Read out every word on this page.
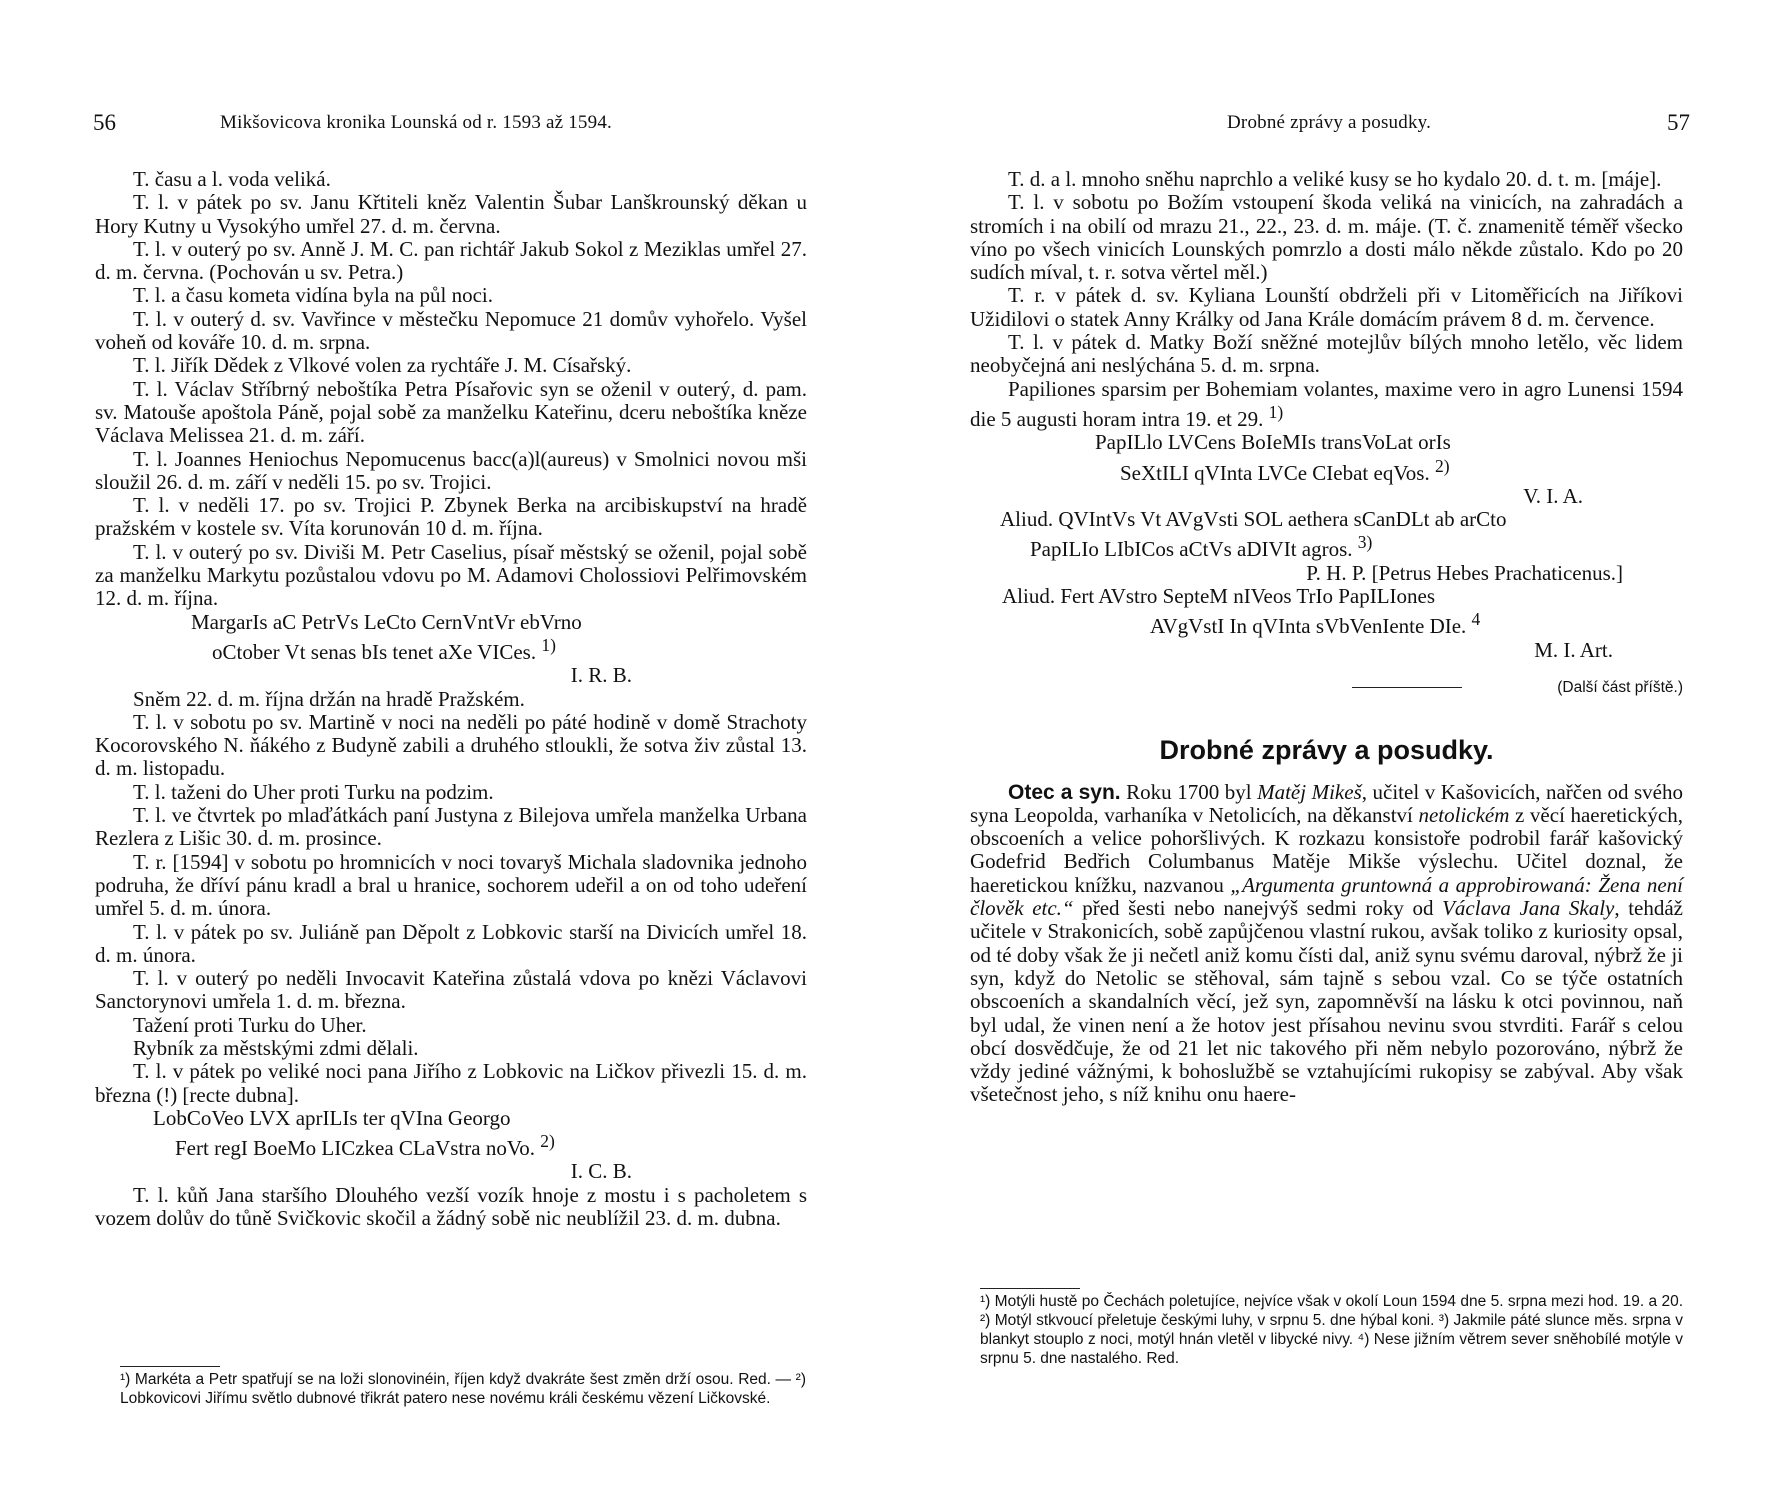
56	Mikšovicova kronika Lounská od r. 1593 až 1594.

T. času a l. voda veliká.

T. l. v pátek po sv. Janu Křtiteli kněz Valentin Šubar Lanškrounský děkan u Hory Kutny u Vysokýho umřel 27. d. m. června.

T. l. v outerý po sv. Anně J. M. C. pan richtář Jakub Sokol z Meziklas umřel 27. d. m. června. (Pochován u sv. Petra.)

T. l. a času kometa vidína byla na půl noci.

T. l. v outerý d. sv. Vavřince v městečku Nepomuce 21 domův vyhořelo. Vyšel voheň od kováře 10. d. m. srpna.

T. l. Jiřík Dědek z Vlkové volen za rychtáře J. M. Císařský.

T. l. Václav Stříbrný neboštíka Petra Písařovic syn se oženil v outerý, d. pam. sv. Matouše apoštola Páně, pojal sobě za manželku Kateřinu, dceru neboštíka kněze Václava Melissea 21. d. m. září.

T. l. Joannes Heniochus Nepomucenus bacc(a)l(aureus) v Smolnici novou mši sloužil 26. d. m. září v neděli 15. po sv. Trojici.

T. l. v neděli 17. po sv. Trojici P. Zbynek Berka na arcibiskupství na hradě pražském v kostele sv. Víta korunován 10 d. m. října.

T. l. v outerý po sv. Diviši M. Petr Caselius, písař městský se oženil, pojal sobě za manželku Markytu pozůstalou vdovu po M. Adamovi Cholossiovi Pelřimovském 12. d. m. října.

MargarIs aC PetrVs LeCto CernVntVr ebVrno

oCtober Vt senas bIs tenet aXe VICes. $^{1)}$

I. R. B.

Sněm 22. d. m. října držán na hradě Pražském.

T. l. v sobotu po sv. Martině v noci na neděli po páté hodině v domě Strachoty Kocorovského N. ňákého z Budyně zabili a druhého stloukli, že sotva živ zůstal 13. d. m. listopadu.

T. l. taženi do Uher proti Turku na podzim.

T. l. ve čtvrtek po mlaďátkách paní Justyna z Bilejova umřela manželka Urbana Rezlera z Lišic 30. d. m. prosince.

T. r. [1594] v sobotu po hromnicích v noci tovaryš Michala sladovnika jednoho podruha, že dříví pánu kradl a bral u hranice, sochorem udeřil a on od toho udeření umřel 5. d. m. února.

T. l. v pátek po sv. Juliáně pan Děpolt z Lobkovic starší na Divicích umřel 18. d. m. února.

T. l. v outerý po neděli Invocavit Kateřina zůstalá vdova po knězi Václavovi Sanctorynovi umřela 1. d. m. března.

Tažení proti Turku do Uher.

Rybník za městskými zdmi dělali.

T. l. v pátek po veliké noci pana Jiřího z Lobkovic na Ličkov přivezli 15. d. m. března (!) [recte dubna].

LobCoVeo LVX aprILIs ter qVIna Georgo

Fert regI BoeMo LICzkea CLaVstra noVo. $^{2)}$

I. C. B.

T. l. kůň Jana staršího Dlouhého vezší vozík hnoje z mostu i s pacholetem s vozem dolův do tůně Svičkovic skočil a žádný sobě nic neublížil 23. d. m. dubna.

¹) Markéta a Petr spatřují se na loži slonovinéin, říjen když dvakráte šest změn drží osou. Red. — ²) Lobkovicovi Jiřímu světlo dubnové třikrát patero nese novému králi českému vězení Ličkovské.
Drobné zprávy a posudky.	57

T. d. a l. mnoho sněhu naprchlo a veliké kusy se ho kydalo 20. d. t. m. [máje].

T. l. v sobotu po Božím vstoupení škoda veliká na vinicích, na zahradách a stromích i na obilí od mrazu 21., 22., 23. d. m. máje. (T. č. znamenitě téměř všecko víno po všech vinicích Lounských pomrzlo a dosti málo někde zůstalo. Kdo po 20 sudích míval, t. r. sotva věrtel měl.)

T. r. v pátek d. sv. Kyliana Lounští obdrželi při v Litoměřicích na Jiříkovi Užidilovi o statek Anny Králky od Jana Krále domácím právem 8 d. m. července.

T. l. v pátek d. Matky Boží sněžné motejlův bílých mnoho letělo, věc lidem neobyčejná ani neslýchána 5. d. m. srpna.

Papiliones sparsim per Bohemiam volantes, maxime vero in agro Lunensi 1594 die 5 augusti horam intra 19. et 29. $^{1)}$

PapILlo LVCens BoIeMIs transVoLat orIs

SeXtILI qVInta LVCe CIebat eqVos. $^{2)}$

V. I. A.

Aliud. QVIntVs Vt AVgVsti SOL aethera sCanDLt ab arCto

PapILIo LIbICos aCtVs aDIVIt agros. $^{3)}$

P. H. P. [Petrus Hebes Prachaticenus.]

Aliud. Fert AVstro SepteM nIVeos TrIo PapILIones

AVgVstI In qVInta sVbVenIente DIe. $^4$

M. I. Art.

(Další část příště.)

Drobné zprávy a posudky.

Otec a syn. Roku 1700 byl Matěj Mikeš, učitel v Kašovicích, nařčen od svého syna Leopolda, varhaníka v Netolicích, na děkanství netolickém z věcí haeretických, obscoeních a velice pohoršlivých. K rozkazu konsistoře podrobil farář kašovický Godefrid Bedřich Columbanus Matěje Mikše výslechu. Učitel doznal, že haeretickou knížku, nazvanou „Argumenta gruntowná a approbirowaná: Žena není člověk etc.“ před šesti nebo nanejvýš sedmi roky od Václava Jana Skaly, tehdáž učitele v Strakonicích, sobě zapůjčenou vlastní rukou, avšak toliko z kuriosity opsal, od té doby však že ji nečetl aniž komu čísti dal, aniž synu svému daroval, nýbrž že ji syn, když do Netolic se stěhoval, sám tajně s sebou vzal. Co se týče ostatních obscoeních a skandalních věcí, jež syn, zapomněvší na lásku k otci povinnou, naň byl udal, že vinen není a že hotov jest přísahou nevinu svou stvrditi. Farář s celou obcí dosvědčuje, že od 21 let nic takového při něm nebylo pozorováno, nýbrž že vždy jediné vážnými, k bohoslužbě se vztahujícími rukopisy se zabýval. Aby však všetečnost jeho, s níž knihu onu haere-

¹) Motýli hustě po Čechách poletujíce, nejvíce však v okolí Loun 1594 dne 5. srpna mezi hod. 19. a 20. ²) Motýl stkvoucí přeletuje českými luhy, v srpnu 5. dne hýbal koni. ³) Jakmile páté slunce měs. srpna v blankyt stouplo z noci, motýl hnán vletěl v libycké nivy. ⁴) Nese jižním větrem sever sněhobílé motýle v srpnu 5. dne nastalého. Red.
